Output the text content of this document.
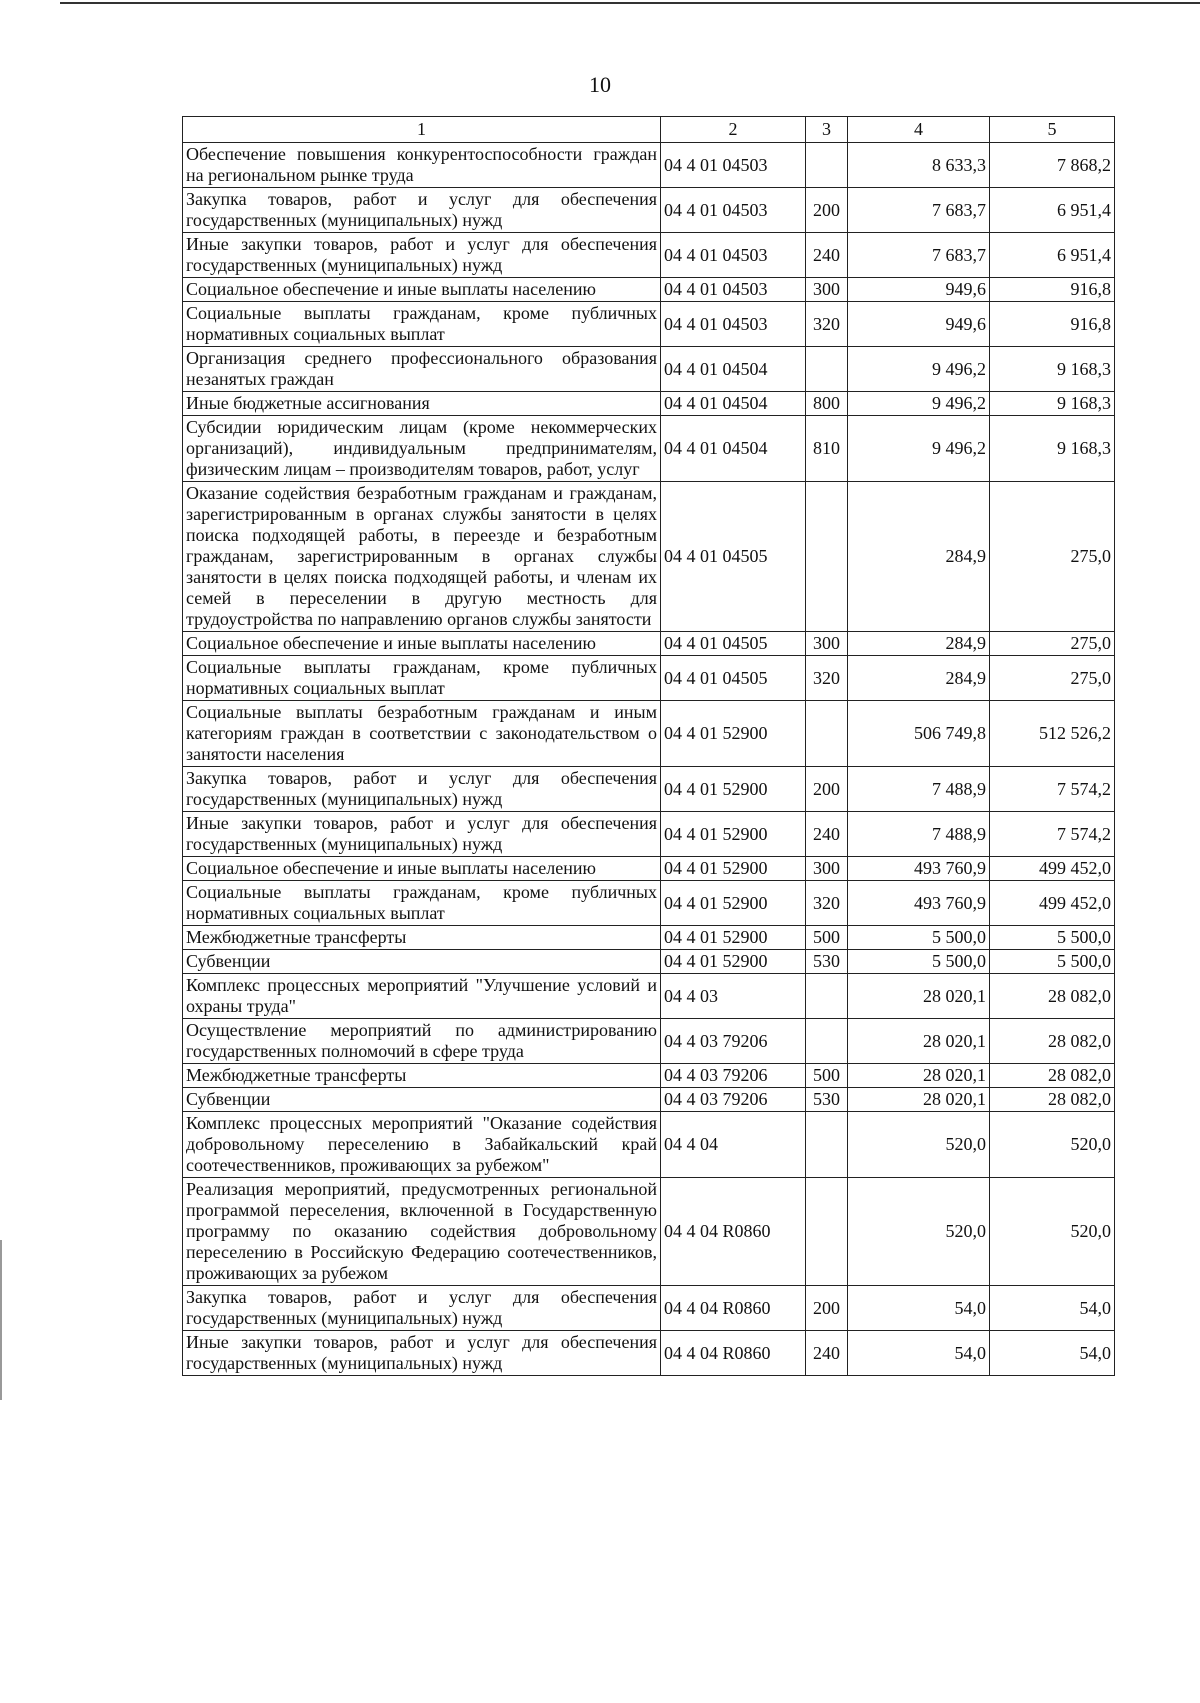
10
1	2	3	4	5
Обеспечение повышения конкурентоспособности граждан на региональном рынке труда	04 4 01 04503		8 633,3	7 868,2
Закупка товаров, работ и услуг для обеспечения государственных (муниципальных) нужд	04 4 01 04503	200	7 683,7	6 951,4
Иные закупки товаров, работ и услуг для обеспечения государственных (муниципальных) нужд	04 4 01 04503	240	7 683,7	6 951,4
Социальное обеспечение и иные выплаты населению	04 4 01 04503	300	949,6	916,8
Социальные выплаты гражданам, кроме публичных нормативных социальных выплат	04 4 01 04503	320	949,6	916,8
Организация среднего профессионального образования незанятых граждан	04 4 01 04504		9 496,2	9 168,3
Иные бюджетные ассигнования	04 4 01 04504	800	9 496,2	9 168,3
Субсидии юридическим лицам (кроме некоммерческих организаций), индивидуальным предпринимателям, физическим лицам – производителям товаров, работ, услуг	04 4 01 04504	810	9 496,2	9 168,3
Оказание содействия безработным гражданам и гражданам, зарегистрированным в органах службы занятости в целях поиска подходящей работы, в переезде и безработным гражданам, зарегистрированным в органах службы занятости в целях поиска подходящей работы, и членам их семей в переселении в другую местность для трудоустройства по направлению органов службы занятости	04 4 01 04505		284,9	275,0
Социальное обеспечение и иные выплаты населению	04 4 01 04505	300	284,9	275,0
Социальные выплаты гражданам, кроме публичных нормативных социальных выплат	04 4 01 04505	320	284,9	275,0
Социальные выплаты безработным гражданам и иным категориям граждан в соответствии с законодательством о занятости населения	04 4 01 52900		506 749,8	512 526,2
Закупка товаров, работ и услуг для обеспечения государственных (муниципальных) нужд	04 4 01 52900	200	7 488,9	7 574,2
Иные закупки товаров, работ и услуг для обеспечения государственных (муниципальных) нужд	04 4 01 52900	240	7 488,9	7 574,2
Социальное обеспечение и иные выплаты населению	04 4 01 52900	300	493 760,9	499 452,0
Социальные выплаты гражданам, кроме публичных нормативных социальных выплат	04 4 01 52900	320	493 760,9	499 452,0
Межбюджетные трансферты	04 4 01 52900	500	5 500,0	5 500,0
Субвенции	04 4 01 52900	530	5 500,0	5 500,0
Комплекс процессных мероприятий "Улучшение условий и охраны труда"	04 4 03		28 020,1	28 082,0
Осуществление мероприятий по администрированию государственных полномочий в сфере труда	04 4 03 79206		28 020,1	28 082,0
Межбюджетные трансферты	04 4 03 79206	500	28 020,1	28 082,0
Субвенции	04 4 03 79206	530	28 020,1	28 082,0
Комплекс процессных мероприятий "Оказание содействия добровольному переселению в Забайкальский край соотечественников, проживающих за рубежом"	04 4 04		520,0	520,0
Реализация мероприятий, предусмотренных региональной программой переселения, включенной в Государственную программу по оказанию содействия добровольному переселению в Российскую Федерацию соотечественников, проживающих за рубежом	04 4 04 R0860		520,0	520,0
Закупка товаров, работ и услуг для обеспечения государственных (муниципальных) нужд	04 4 04 R0860	200	54,0	54,0
Иные закупки товаров, работ и услуг для обеспечения государственных (муниципальных) нужд	04 4 04 R0860	240	54,0	54,0
